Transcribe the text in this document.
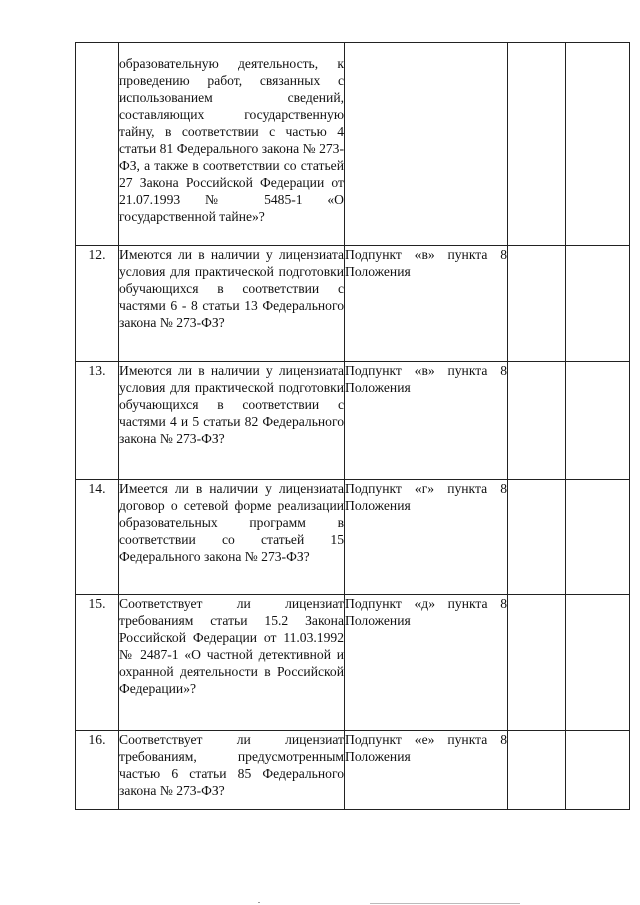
	образовательную деятельность, к проведению работ, связанных с использованием сведений, составляющих государственную тайну, в соответствии с частью 4 статьи 81 Федерального закона № 273-ФЗ, а также в соответствии со статьей 27 Закона Российской Федерации от 21.07.1993 № 5485-1 «О государственной тайне»?			
12.	Имеются ли в наличии у лицензиата условия для практической подготовки обучающихся в соответствии с частями 6 - 8 статьи 13 Федерального закона № 273-ФЗ?	Подпункт «в» пункта 8 Положения		
13.	Имеются ли в наличии у лицензиата условия для практической подготовки обучающихся в соответствии с частями 4 и 5 статьи 82 Федерального закона № 273-ФЗ?	Подпункт «в» пункта 8 Положения		
14.	Имеется ли в наличии у лицензиата договор о сетевой форме реализации образовательных программ в соответствии со статьей 15 Федерального закона № 273-ФЗ?	Подпункт «г» пункта 8 Положения		
15.	Соответствует ли лицензиат требованиям статьи 15.2 Закона Российской Федерации от 11.03.1992 № 2487-1 «О частной детективной и охранной деятельности в Российской Федерации»?	Подпункт «д» пункта 8 Положения		
16.	Соответствует ли лицензиат требованиям, предусмотренным частью 6 статьи 85 Федерального закона № 273-ФЗ?	Подпункт «е» пункта 8 Положения		
